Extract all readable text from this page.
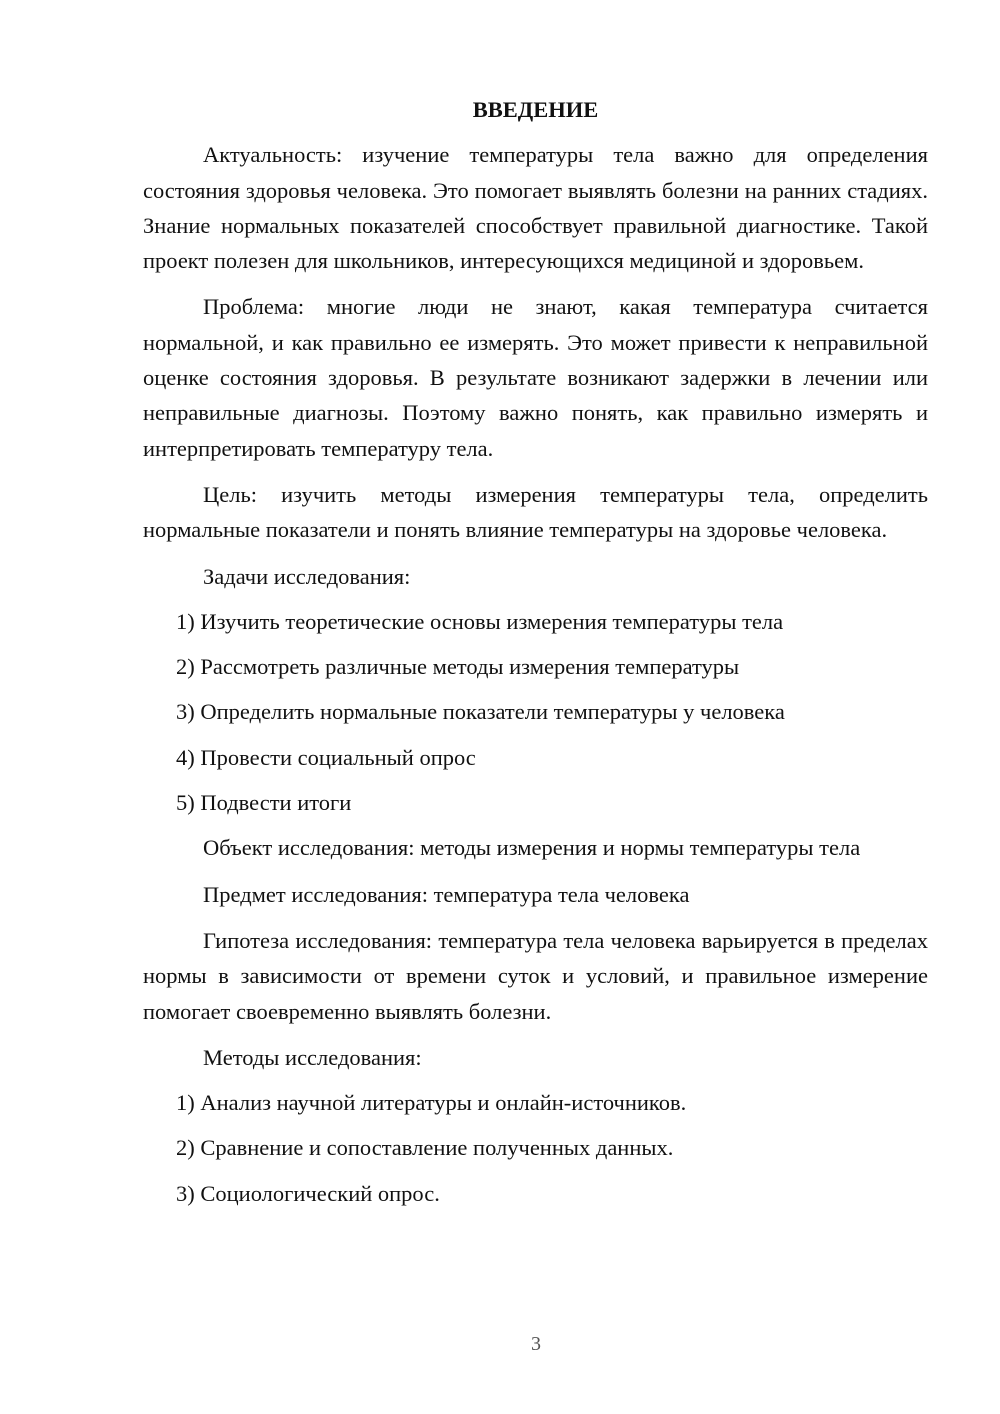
ВВЕДЕНИЕ
Актуальность: изучение температуры тела важно для определения состояния здоровья человека. Это помогает выявлять болезни на ранних стадиях. Знание нормальных показателей способствует правильной диагностике. Такой проект полезен для школьников, интересующихся медициной и здоровьем.
Проблема: многие люди не знают, какая температура считается нормальной, и как правильно ее измерять. Это может привести к неправильной оценке состояния здоровья. В результате возникают задержки в лечении или неправильные диагнозы. Поэтому важно понять, как правильно измерять и интерпретировать температуру тела.
Цель: изучить методы измерения температуры тела, определить нормальные показатели и понять влияние температуры на здоровье человека.
Задачи исследования:
1) Изучить теоретические основы измерения температуры тела
2) Рассмотреть различные методы измерения температуры
3) Определить нормальные показатели температуры у человека
4) Провести социальный опрос
5) Подвести итоги
Объект исследования: методы измерения и нормы температуры тела
Предмет исследования: температура тела человека
Гипотеза исследования: температура тела человека варьируется в пределах нормы в зависимости от времени суток и условий, и правильное измерение помогает своевременно выявлять болезни.
Методы исследования:
1) Анализ научной литературы и онлайн-источников.
2) Сравнение и сопоставление полученных данных.
3) Социологический опрос.
3
